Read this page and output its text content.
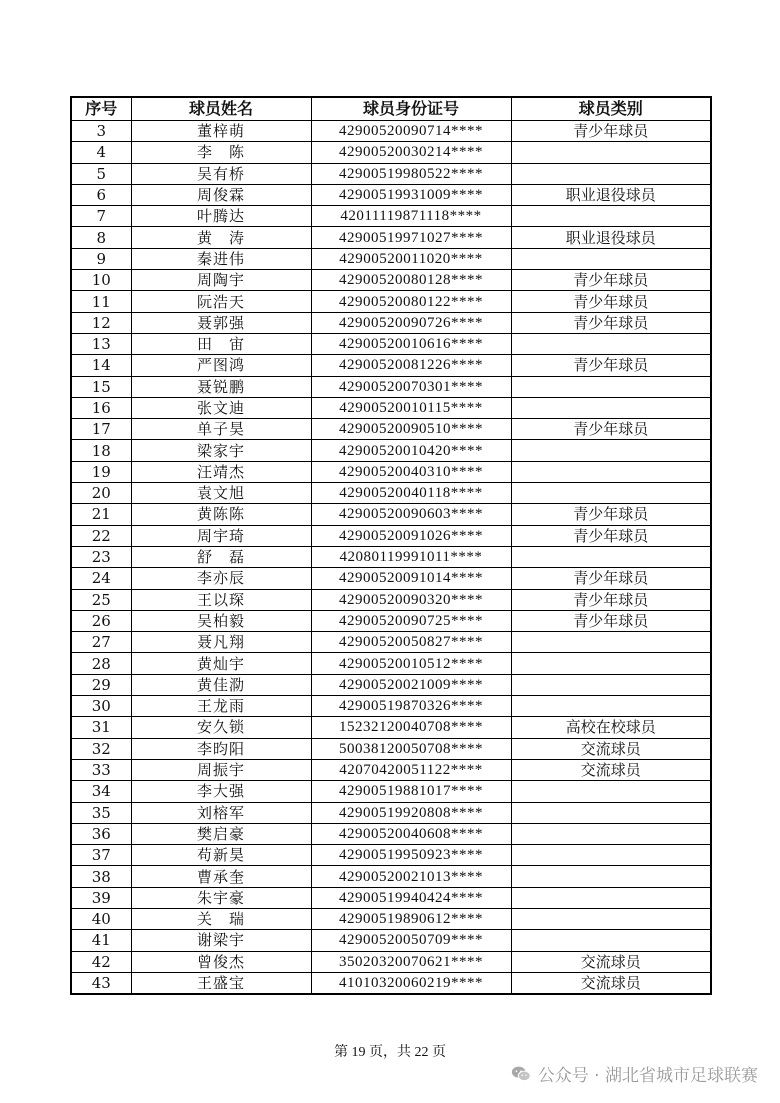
序号	球员姓名	球员身份证号	球员类别
3	董梓萌	42900520090714****	青少年球员
4	李　陈	42900520030214****	
5	吴有桥	42900519980522****	
6	周俊霖	42900519931009****	职业退役球员
7	叶腾达	42011119871118****	
8	黄　涛	42900519971027****	职业退役球员
9	秦进伟	42900520011020****	
10	周陶宇	42900520080128****	青少年球员
11	阮浩天	42900520080122****	青少年球员
12	聂郭强	42900520090726****	青少年球员
13	田　宙	42900520010616****	
14	严图鸿	42900520081226****	青少年球员
15	聂锐鹏	42900520070301****	
16	张文迪	42900520010115****	
17	单子昊	42900520090510****	青少年球员
18	梁家宇	42900520010420****	
19	汪靖杰	42900520040310****	
20	袁文旭	42900520040118****	
21	黄陈陈	42900520090603****	青少年球员
22	周宇琦	42900520091026****	青少年球员
23	舒　磊	42080119991011****	
24	李亦辰	42900520091014****	青少年球员
25	王以琛	42900520090320****	青少年球员
26	吴柏毅	42900520090725****	青少年球员
27	聂凡翔	42900520050827****	
28	黄灿宇	42900520010512****	
29	黄佳泐	42900520021009****	
30	王龙雨	42900519870326****	
31	安久锁	15232120040708****	高校在校球员
32	李昀阳	50038120050708****	交流球员
33	周振宇	42070420051122****	交流球员
34	李大强	42900519881017****	
35	刘榕军	42900519920808****	
36	樊启豪	42900520040608****	
37	苟新昊	42900519950923****	
38	曹承奎	42900520021013****	
39	朱宇豪	42900519940424****	
40	关　瑞	42900519890612****	
41	谢梁宇	42900520050709****	
42	曾俊杰	35020320070621****	交流球员
43	王盛宝	41010320060219****	交流球员
第 19 页，共 22 页
公众号 · 湖北省城市足球联赛
